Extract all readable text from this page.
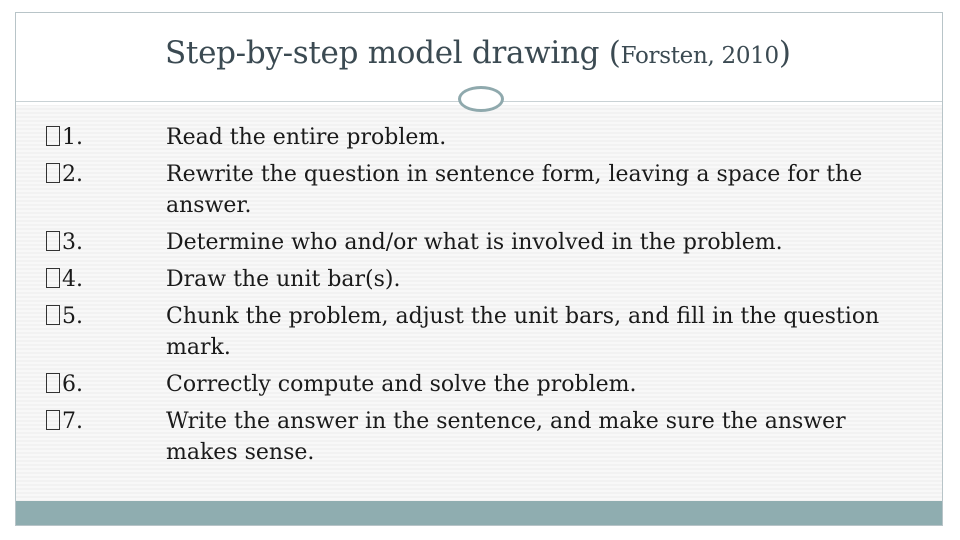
Step-by-step model drawing (Forsten, 2010)
1.	Read the entire problem.
2.	Rewrite the question in sentence form, leaving a space for the answer.
3.	Determine who and/or what is involved in the problem.
4.	Draw the unit bar(s).
5.	Chunk the problem, adjust the unit bars, and fill in the question mark.
6.	Correctly compute and solve the problem.
7.	Write the answer in the sentence, and make sure the answer makes sense.
